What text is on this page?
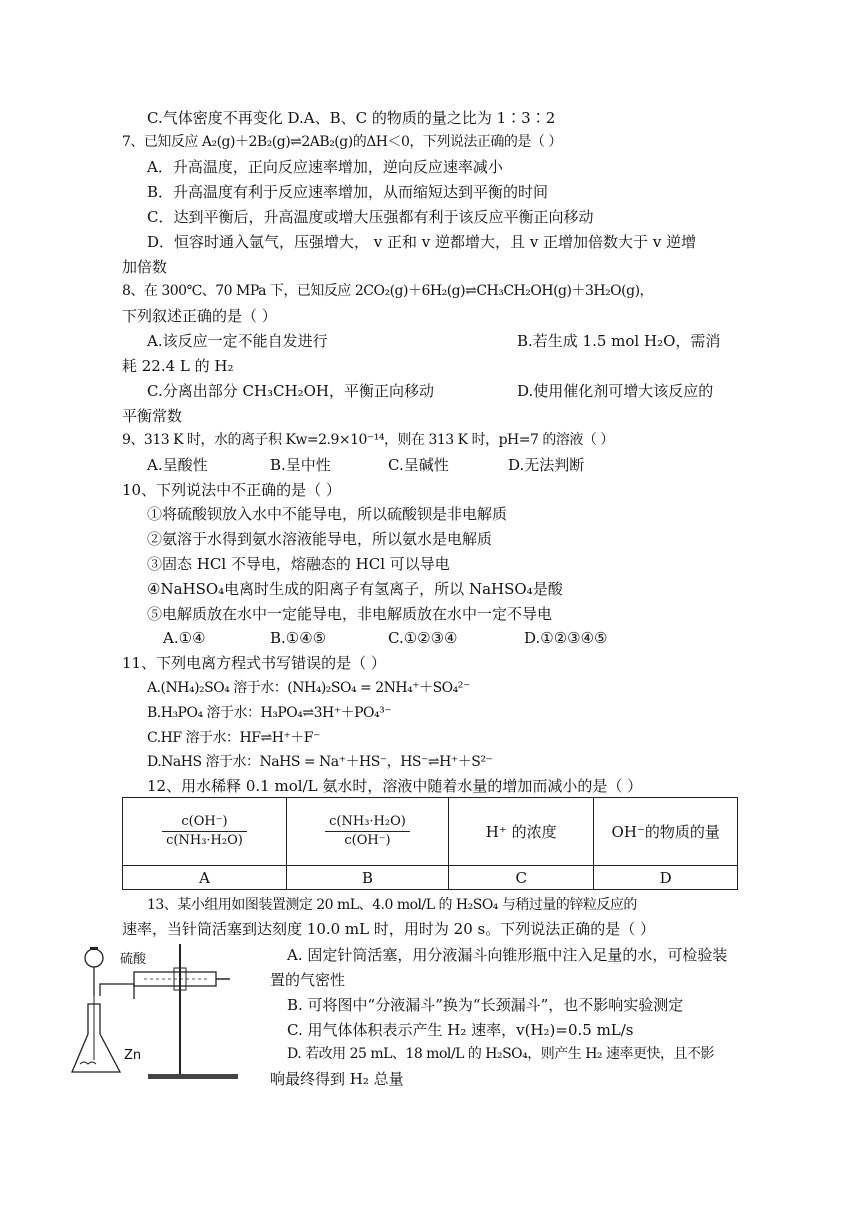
C.气体密度不再变化 D.A、B、C 的物质的量之比为 1∶3∶2
7、已知反应 A₂(g)＋2B₂(g)⇌2AB₂(g)的ΔH＜0，下列说法正确的是（ ）
A．升高温度，正向反应速率增加，逆向反应速率减小
B．升高温度有利于反应速率增加，从而缩短达到平衡的时间
C．达到平衡后，升高温度或增大压强都有利于该反应平衡正向移动
D．恒容时通入氩气，压强增大， v 正和 v 逆都增大，且 v 正增加倍数大于 v 逆增
加倍数
8、在 300℃、70 MPa 下，已知反应 2CO₂(g)＋6H₂(g)⇌CH₃CH₂OH(g)＋3H₂O(g)，
下列叙述正确的是（ ）
A.该反应一定不能自发进行	B.若生成 1.5 mol H₂O，需消
耗 22.4 L 的 H₂
C.分离出部分 CH₃CH₂OH，平衡正向移动	D.使用催化剂可增大该反应的
平衡常数
9、313 K 时，水的离子积 Kw=2.9×10⁻¹⁴，则在 313 K 时，pH=7 的溶液（ ）
A.呈酸性	B.呈中性	C.呈碱性	D.无法判断
10、下列说法中不正确的是（ ）
①将硫酸钡放入水中不能导电，所以硫酸钡是非电解质
②氨溶于水得到氨水溶液能导电，所以氨水是电解质
③固态 HCl 不导电，熔融态的 HCl 可以导电
④NaHSO₄电离时生成的阳离子有氢离子，所以 NaHSO₄是酸
⑤电解质放在水中一定能导电，非电解质放在水中一定不导电
A.①④	B.①④⑤	C.①②③④	D.①②③④⑤
11、下列电离方程式书写错误的是（ ）
A.(NH₄)₂SO₄ 溶于水：(NH₄)₂SO₄ = 2NH₄⁺＋SO₄²⁻
B.H₃PO₄ 溶于水：H₃PO₄⇌3H⁺＋PO₄³⁻
C.HF 溶于水：HF⇌H⁺＋F⁻
D.NaHS 溶于水：NaHS = Na⁺＋HS⁻，HS⁻⇌H⁺＋S²⁻
12、用水稀释 0.1 mol/L 氨水时，溶液中随着水量的增加而减小的是（ ）
$\frac{c(OH^-)}{\text{c(NH₃·H₂O)}}$	$\frac{\text{c(NH₃·H₂O)}}{c(OH^-)}$	H⁺ 的浓度	OH⁻的物质的量
A	B	C	D
13、某小组用如图装置测定 20 mL、4.0 mol/L 的 H₂SO₄ 与稍过量的锌粒反应的
速率，当针筒活塞到达刻度 10.0 mL 时，用时为 20 s。下列说法正确的是（ ）
硫酸
Zn
A. 固定针筒活塞，用分液漏斗向锥形瓶中注入足量的水，可检验装
置的气密性
B. 可将图中“分液漏斗”换为“长颈漏斗”，也不影响实验测定
C. 用气体体积表示产生 H₂ 速率，v(H₂)=0.5 mL/s
D. 若改用 25 mL、18 mol/L 的 H₂SO₄，则产生 H₂ 速率更快，且不影
响最终得到 H₂ 总量
